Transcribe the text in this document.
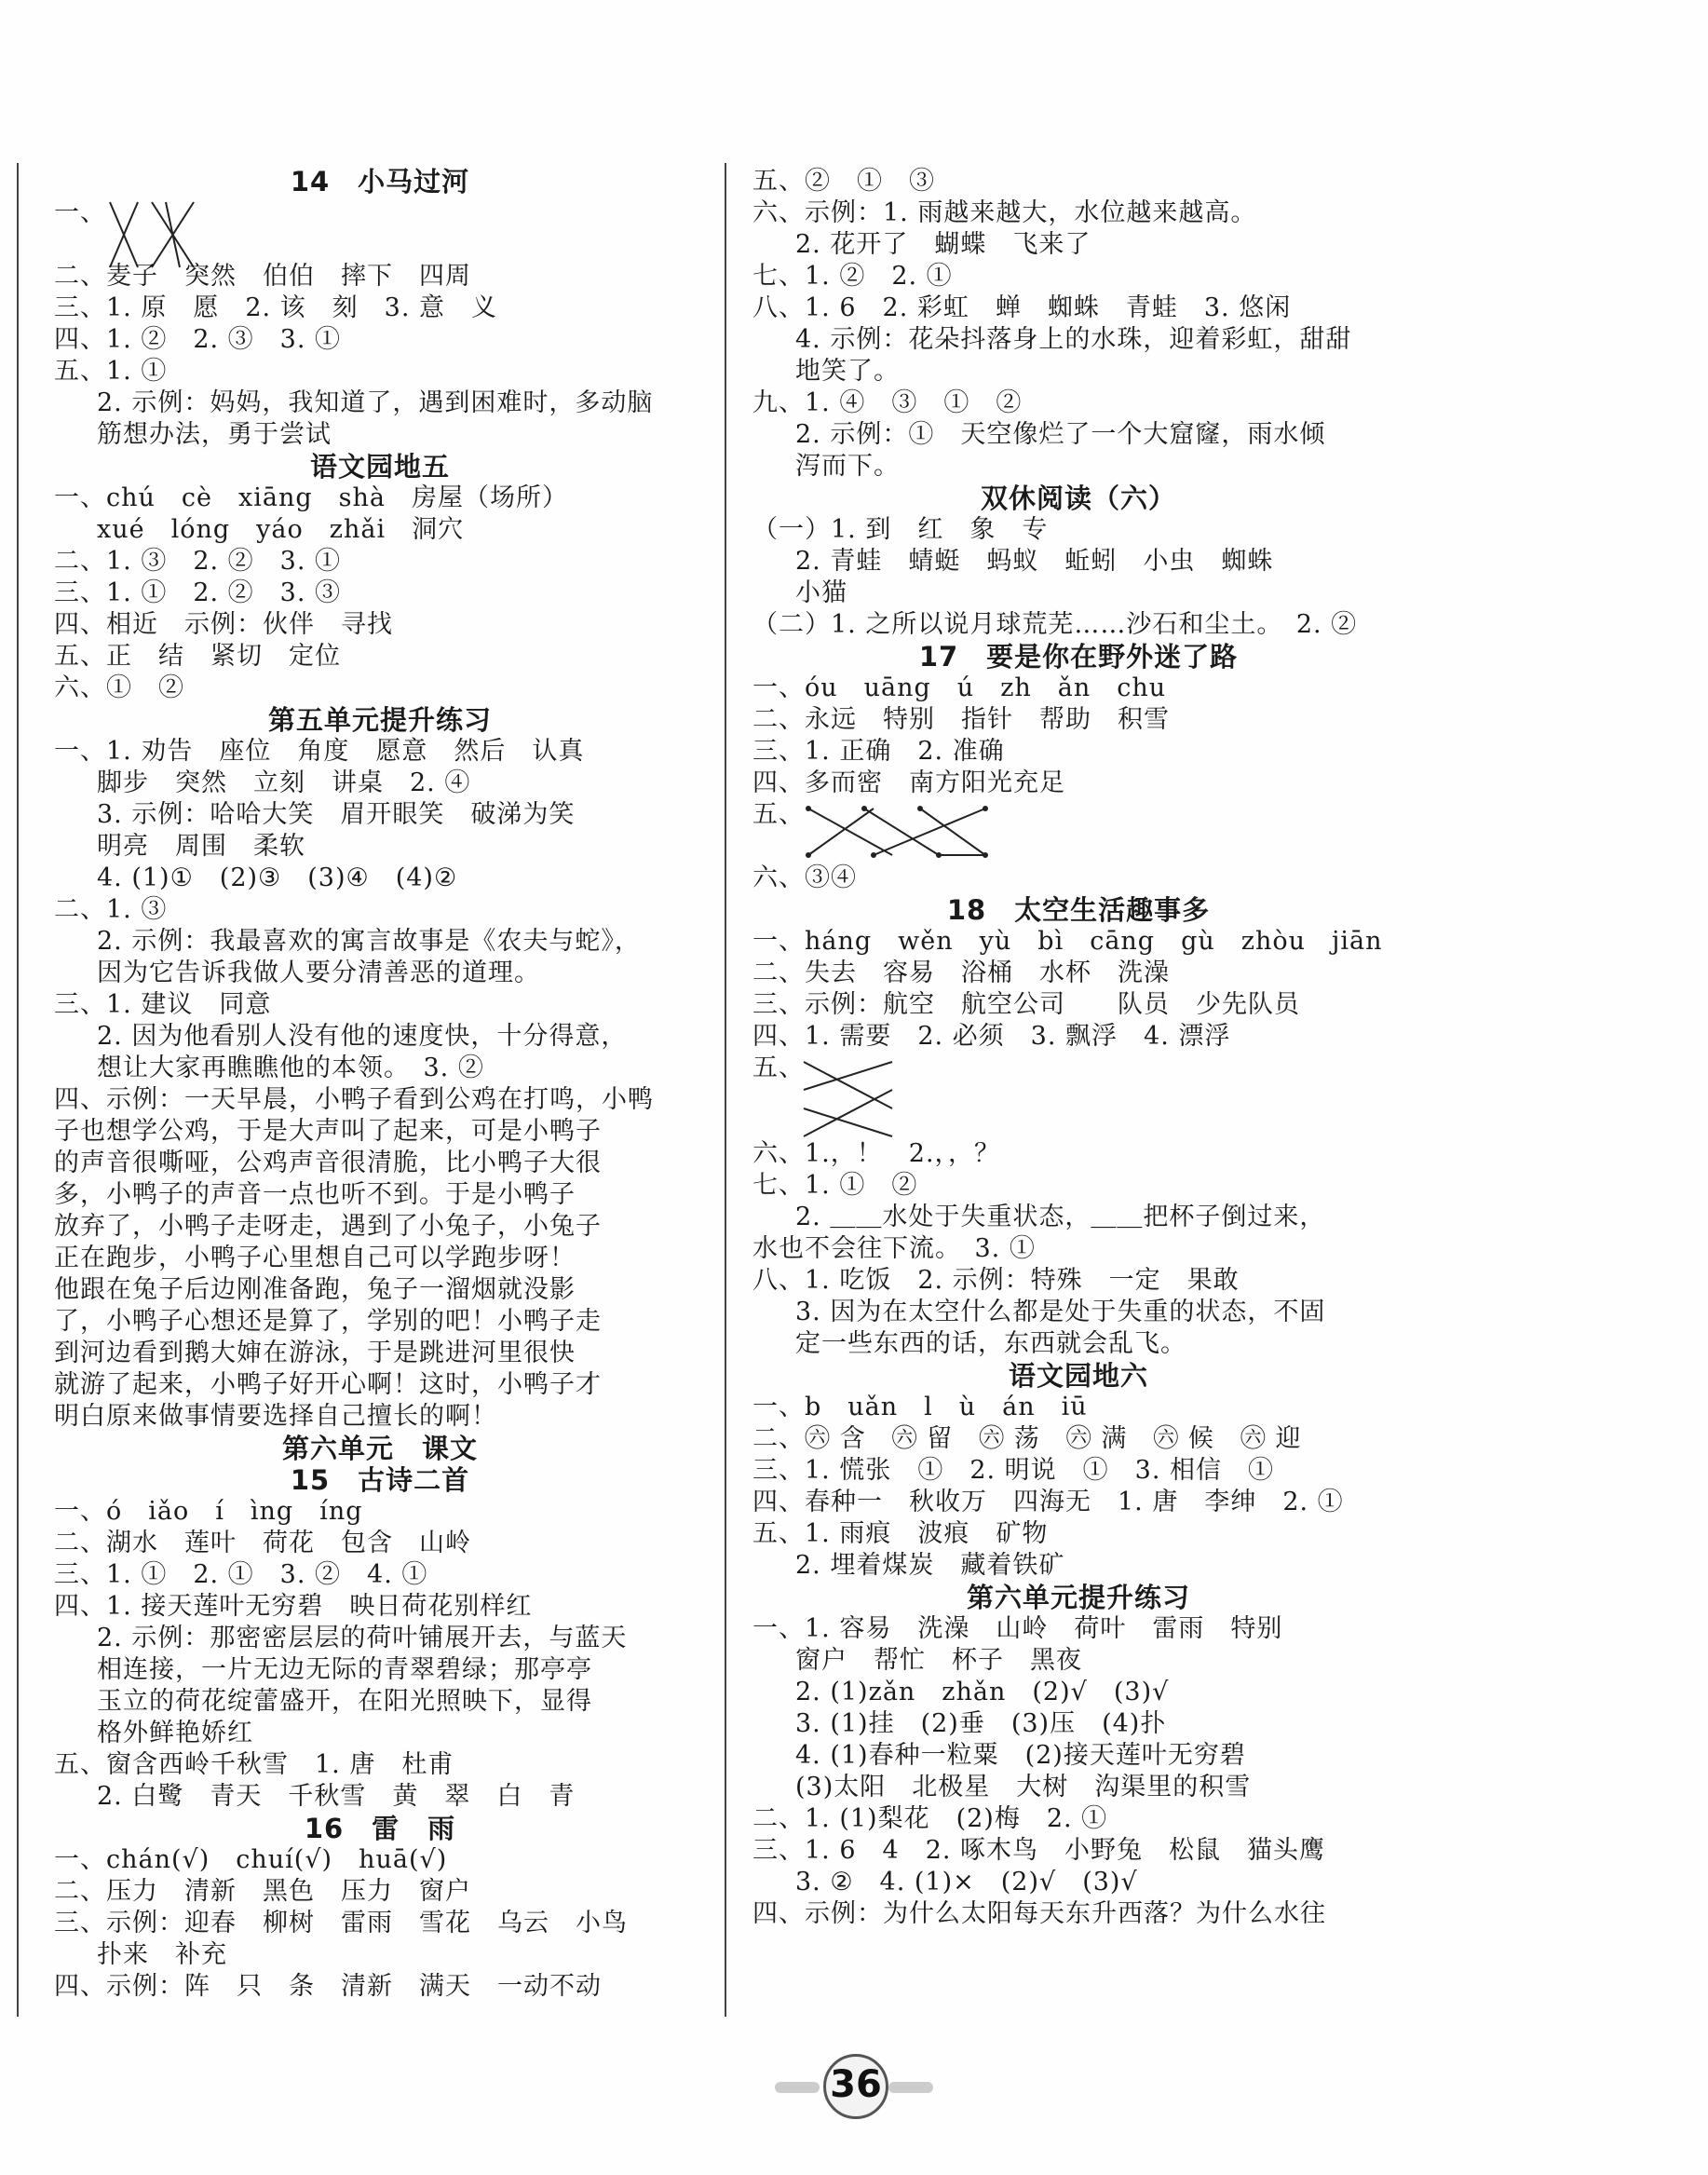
14　小马过河
一、
二、麦子　突然　伯伯　摔下　四周
三、1. 原　愿　2. 该　刻　3. 意　义
四、1. ②　2. ③　3. ①
五、1. ①
2. 示例：妈妈，我知道了，遇到困难时，多动脑
筋想办法，勇于尝试
语文园地五
一、chú　cè　xiāng　shà　房屋（场所）
xué　lóng　yáo　zhǎi　洞穴
二、1. ③　2. ②　3. ①
三、1. ①　2. ②　3. ③
四、相近　示例：伙伴　寻找
五、正　结　紧切　定位
六、①　②
第五单元提升练习
一、1. 劝告　座位　角度　愿意　然后　认真
脚步　突然　立刻　讲桌　2. ④
3. 示例：哈哈大笑　眉开眼笑　破涕为笑
明亮　周围　柔软
4. (1)①　(2)③　(3)④　(4)②
二、1. ③
2. 示例：我最喜欢的寓言故事是《农夫与蛇》，
因为它告诉我做人要分清善恶的道理。
三、1. 建议　同意
2. 因为他看别人没有他的速度快，十分得意，
想让大家再瞧瞧他的本领。　3. ②
四、示例：一天早晨，小鸭子看到公鸡在打鸣，小鸭
子也想学公鸡，于是大声叫了起来，可是小鸭子
的声音很嘶哑，公鸡声音很清脆，比小鸭子大很
多，小鸭子的声音一点也听不到。于是小鸭子
放弃了，小鸭子走呀走，遇到了小兔子，小兔子
正在跑步，小鸭子心里想自己可以学跑步呀！
他跟在兔子后边刚准备跑，兔子一溜烟就没影
了，小鸭子心想还是算了，学别的吧！小鸭子走
到河边看到鹅大婶在游泳，于是跳进河里很快
就游了起来，小鸭子好开心啊！这时，小鸭子才
明白原来做事情要选择自己擅长的啊！
第六单元　课文
15　古诗二首
一、ó　iǎo　í　ìng　íng
二、湖水　莲叶　荷花　包含　山岭
三、1. ①　2. ①　3. ②　4. ①
四、1. 接天莲叶无穷碧　映日荷花别样红
2. 示例：那密密层层的荷叶铺展开去，与蓝天
相连接，一片无边无际的青翠碧绿；那亭亭
玉立的荷花绽蕾盛开，在阳光照映下，显得
格外鲜艳娇红
五、窗含西岭千秋雪　1. 唐　杜甫
2. 白鹭　青天　千秋雪　黄　翠　白　青
16　雷　雨
一、chán(√)　chuí(√)　huā(√)
二、压力　清新　黑色　压力　窗户
三、示例：迎春　柳树　雷雨　雪花　乌云　小鸟
扑来　补充
四、示例：阵　只　条　清新　满天　一动不动
五、②　①　③
六、示例：1. 雨越来越大，水位越来越高。
2. 花开了　蝴蝶　飞来了
七、1. ②　2. ①
八、1. 6　2. 彩虹　蝉　蜘蛛　青蛙　3. 悠闲
4. 示例：花朵抖落身上的水珠，迎着彩虹，甜甜
地笑了。
九、1. ④　③　①　②
2. 示例：①　天空像烂了一个大窟窿，雨水倾
泻而下。
双休阅读（六）
（一）1. 到　红　象　专
2. 青蛙　蜻蜓　蚂蚁　蚯蚓　小虫　蜘蛛
小猫
（二）1. 之所以说月球荒芜……沙石和尘土。　2. ②
17　要是你在野外迷了路
一、óu　uāng　ú　zh　ǎn　chu
二、永远　特别　指针　帮助　积雪
三、1. 正确　2. 准确
四、多而密　南方阳光充足
五、
六、③④
18　太空生活趣事多
一、háng　wěn　yù　bì　cāng　gù　zhòu　jiān
二、失去　容易　浴桶　水杯　洗澡
三、示例：航空　航空公司　　队员　少先队员
四、1. 需要　2. 必须　3. 飘浮　4. 漂浮
五、
六、1.，！　2.，，？
七、1. ①　②
2. ＿＿水处于失重状态，＿＿把杯子倒过来，
水也不会往下流。　3. ①
八、1. 吃饭　2. 示例：特殊　一定　果敢
3. 因为在太空什么都是处于失重的状态，不固
定一些东西的话，东西就会乱飞。
语文园地六
一、b　uǎn　l　ù　án　iū
二、㊅ 含　㊅ 留　㊅ 荡　㊅ 满　㊅ 候　㊅ 迎
三、1. 慌张　①　2. 明说　①　3. 相信　①
四、春种一　秋收万　四海无　1. 唐　李绅　2. ①
五、1. 雨痕　波痕　矿物
2. 埋着煤炭　藏着铁矿
第六单元提升练习
一、1. 容易　洗澡　山岭　荷叶　雷雨　特别
窗户　帮忙　杯子　黑夜
2. (1)zǎn　zhǎn　(2)√　(3)√
3. (1)挂　(2)垂　(3)压　(4)扑
4. (1)春种一粒粟　(2)接天莲叶无穷碧
(3)太阳　北极星　大树　沟渠里的积雪
二、1. (1)梨花　(2)梅　2. ①
三、1. 6　4　2. 啄木鸟　小野兔　松鼠　猫头鹰
3. ②　4. (1)×　(2)√　(3)√
四、示例：为什么太阳每天东升西落？为什么水往
36
